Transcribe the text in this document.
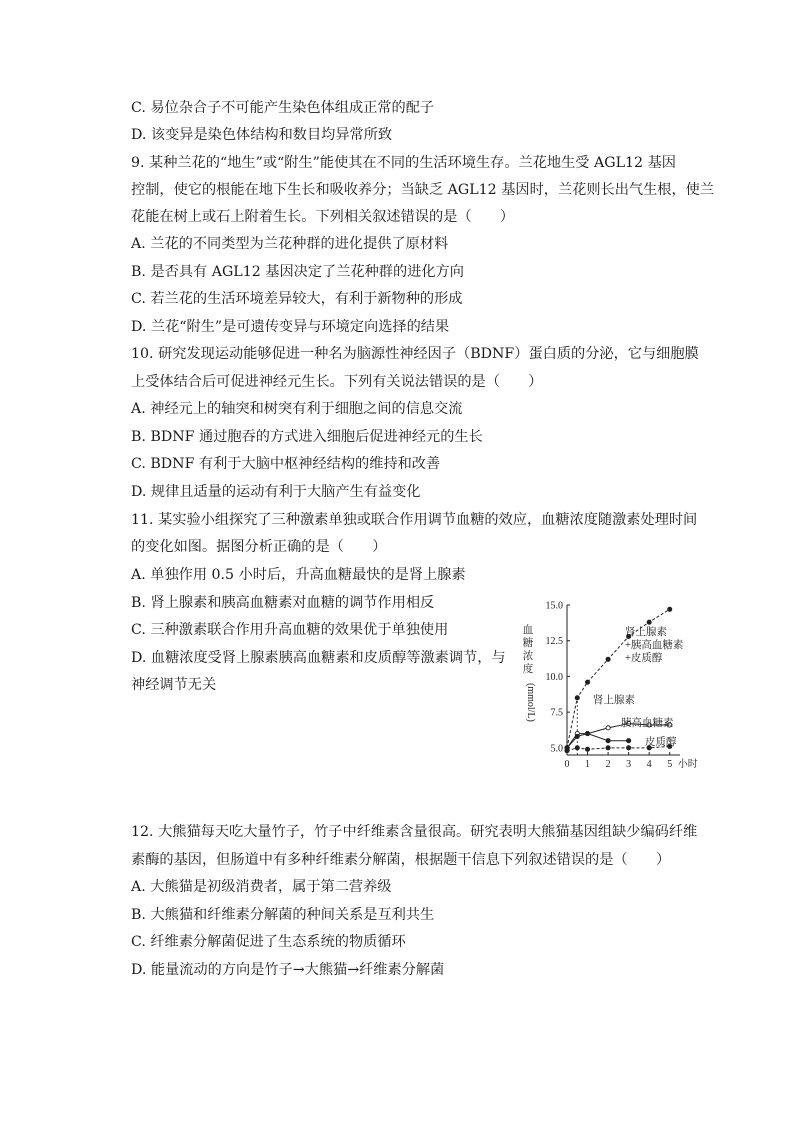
C. 易位杂合子不可能产生染色体组成正常的配子
D. 该变异是染色体结构和数目均异常所致
9. 某种兰花的“地生”或“附生”能使其在不同的生活环境生存。兰花地生受 AGL12 基因
控制，使它的根能在地下生长和吸收养分；当缺乏 AGL12 基因时，兰花则长出气生根，使兰
花能在树上或石上附着生长。下列相关叙述错误的是（　　）
A. 兰花的不同类型为兰花种群的进化提供了原材料
B. 是否具有 AGL12 基因决定了兰花种群的进化方向
C. 若兰花的生活环境差异较大，有利于新物种的形成
D. 兰花“附生”是可遗传变异与环境定向选择的结果
10. 研究发现运动能够促进一种名为脑源性神经因子（BDNF）蛋白质的分泌，它与细胞膜
上受体结合后可促进神经元生长。下列有关说法错误的是（　　）
A. 神经元上的轴突和树突有利于细胞之间的信息交流
B. BDNF 通过胞吞的方式进入细胞后促进神经元的生长
C. BDNF 有利于大脑中枢神经结构的维持和改善
D. 规律且适量的运动有利于大脑产生有益变化
11. 某实验小组探究了三种激素单独或联合作用调节血糖的效应，血糖浓度随激素处理时间
的变化如图。据图分析正确的是（　　）
A. 单独作用 0.5 小时后，升高血糖最快的是肾上腺素
B. 肾上腺素和胰高血糖素对血糖的调节作用相反
C. 三种激素联合作用升高血糖的效果优于单独使用
D. 血糖浓度受肾上腺素胰高血糖素和皮质醇等激素调节，与
神经调节无关
12. 大熊猫每天吃大量竹子，竹子中纤维素含量很高。研究表明大熊猫基因组缺少编码纤维
素酶的基因，但肠道中有多种纤维素分解菌，根据题干信息下列叙述错误的是（　　）
A. 大熊猫是初级消费者，属于第二营养级
B. 大熊猫和纤维素分解菌的种间关系是互利共生
C. 纤维素分解菌促进了生态系统的物质循环
D. 能量流动的方向是竹子→大熊猫→纤维素分解菌
5.0
7.5
10.0
12.5
15.0
0 1 2 3 4 5 小时
血
糖
浓
度
(mmol/L)
肾上腺素
+胰高血糖素
+皮质醇
肾上腺素
胰高血糖素
皮质醇
